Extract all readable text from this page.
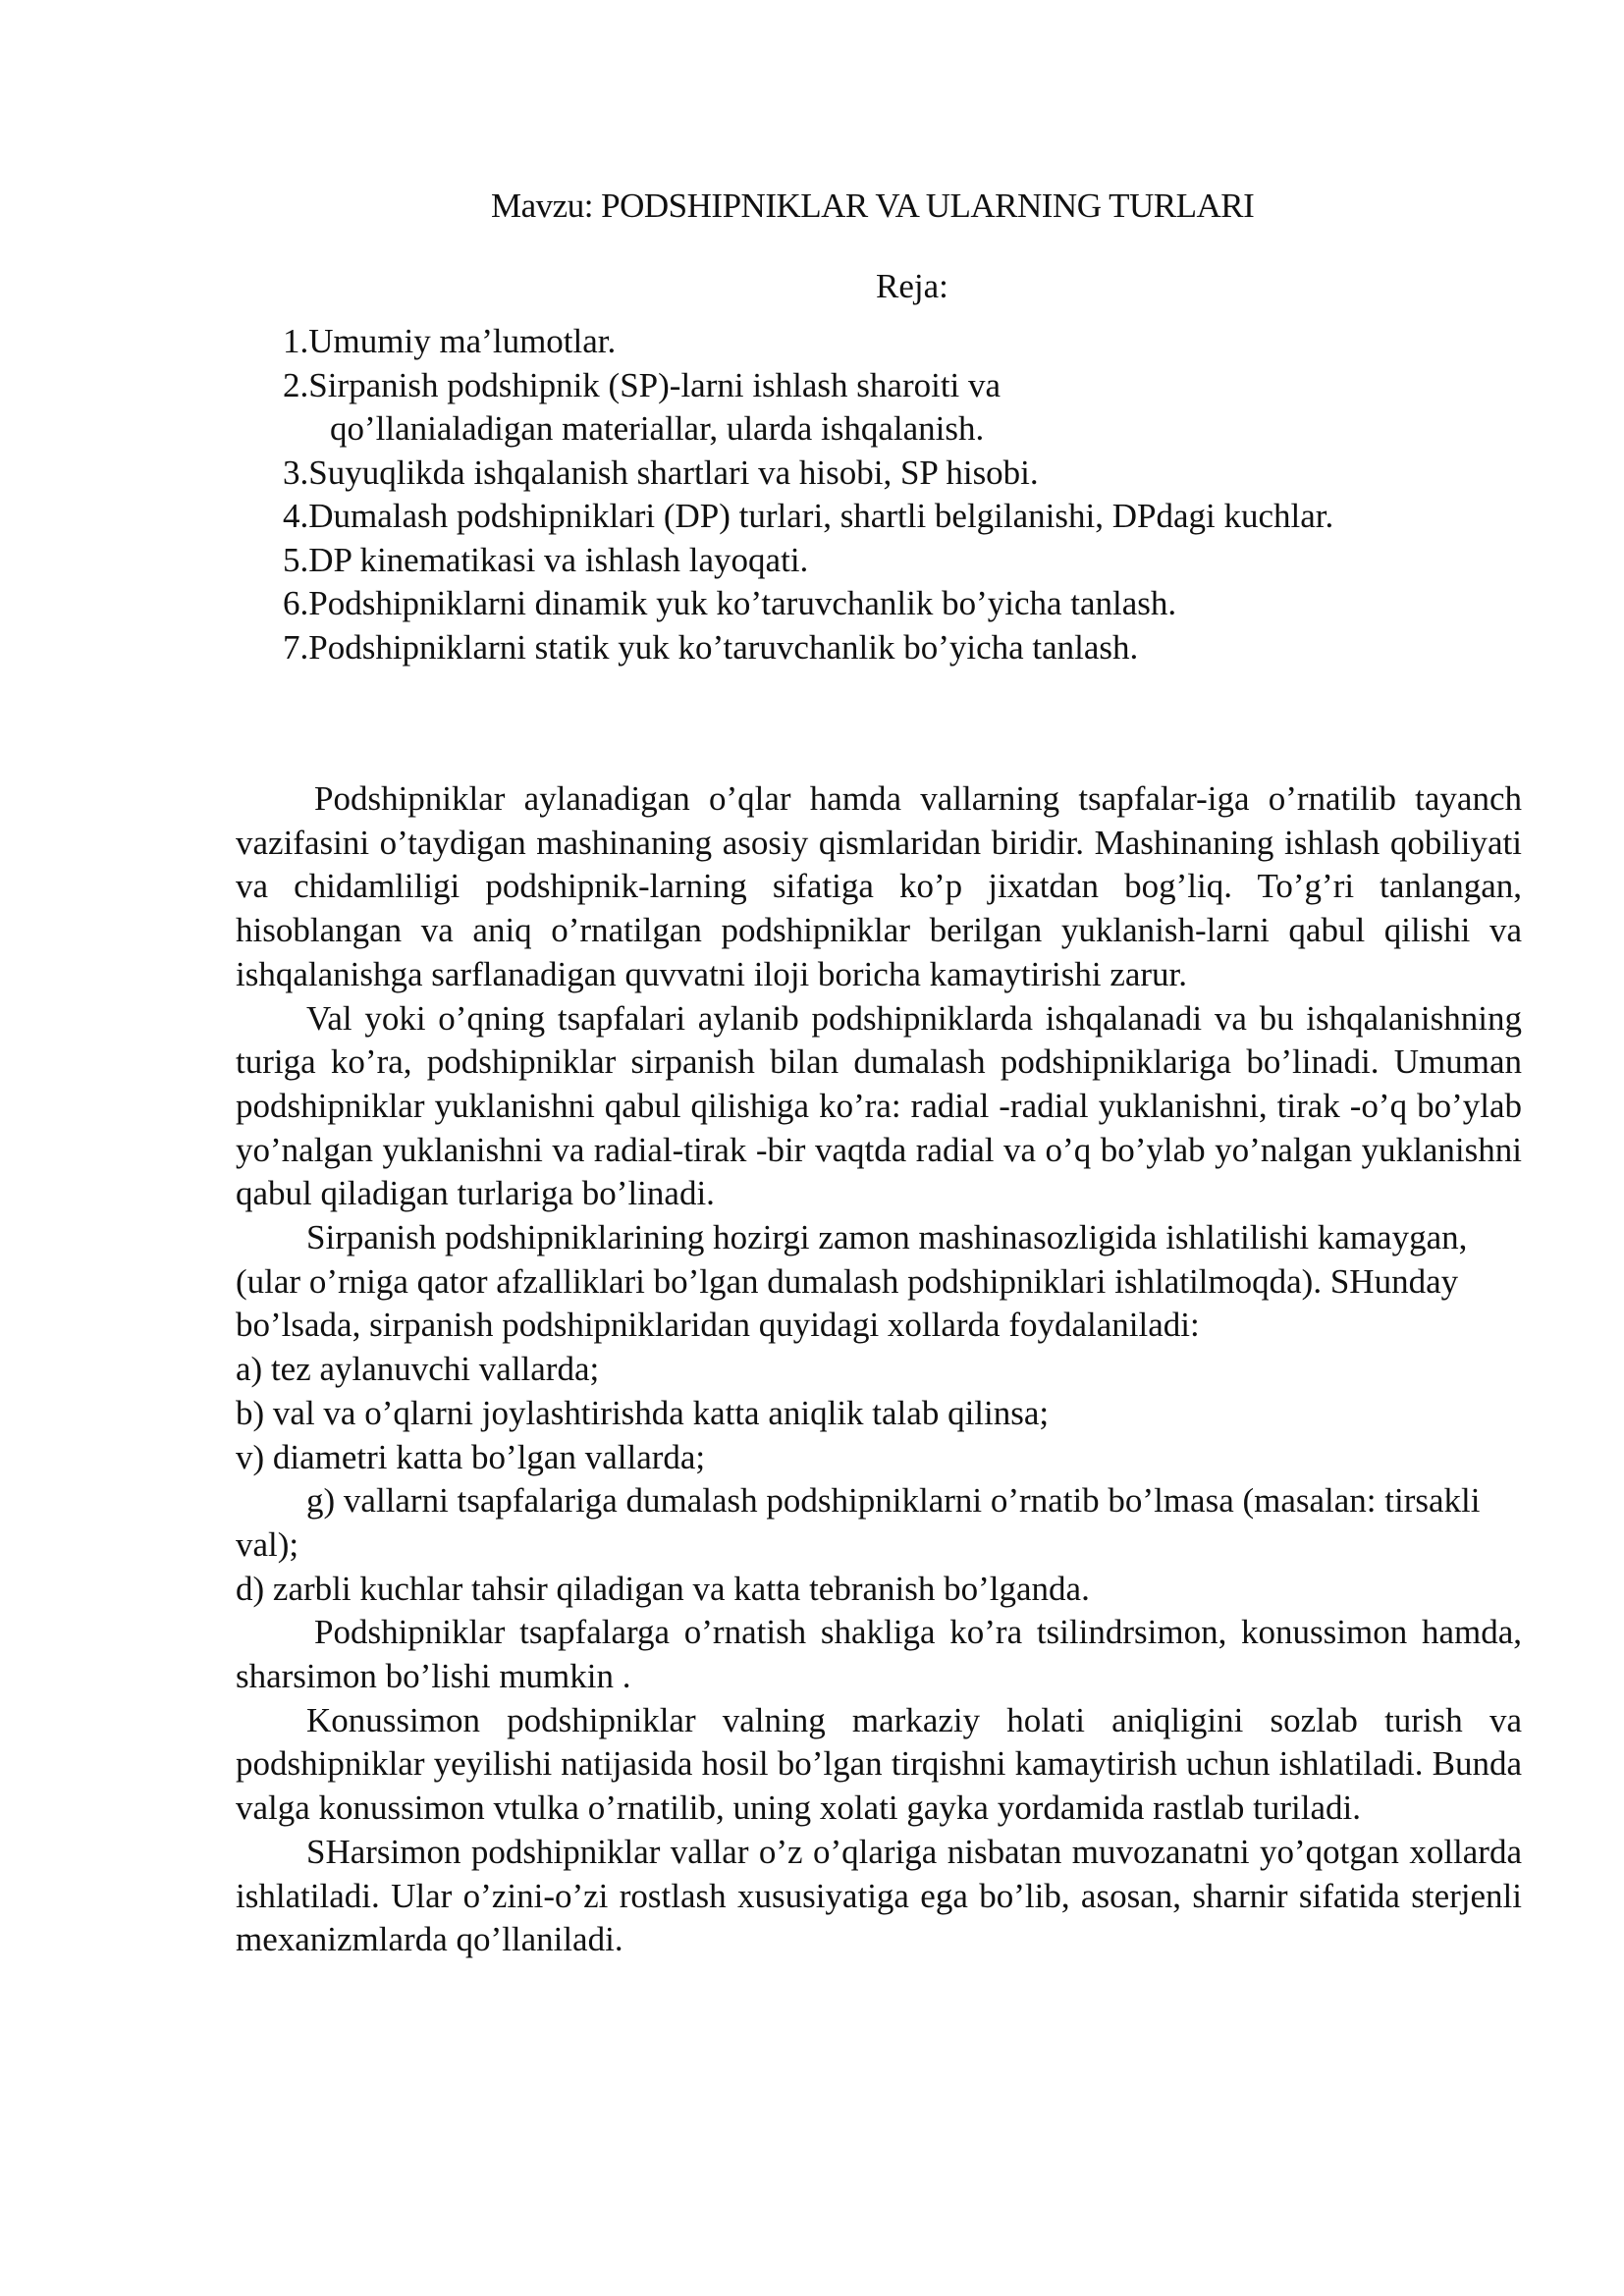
Mavzu: PODSHIPNIKLAR VA ULARNING TURLARI
Reja:
1.Umumiy ma’lumotlar.
2.Sirpanish podshipnik (SP)-larni ishlash sharoiti va
qo’llanialadigan materiallar, ularda ishqalanish.
3.Suyuqlikda ishqalanish shartlari va hisobi, SP hisobi.
4.Dumalash podshipniklari (DP) turlari, shartli belgilanishi, DPdagi kuchlar.
5.DP kinematikasi va ishlash layoqati.
6.Podshipniklarni dinamik yuk ko’taruvchanlik bo’yicha tanlash.
7.Podshipniklarni statik yuk ko’taruvchanlik bo’yicha tanlash.

Podshipniklar aylanadigan o’qlar hamda vallarning tsapfalar-iga o’rnatilib tayanch vazifasini o’taydigan mashinaning asosiy qismlaridan biridir. Mashinaning ishlash qobiliyati va chidamliligi podshipnik-larning sifatiga ko’p jixatdan bog’liq. To’g’ri tanlangan, hisoblangan va aniq o’rnatilgan podshipniklar berilgan yuklanish-larni qabul qilishi va ishqalanishga sarflanadigan quvvatni iloji boricha kamaytirishi zarur.

Val yoki o’qning tsapfalari aylanib podshipniklarda ishqalanadi va bu ishqalanishning turiga ko’ra, podshipniklar sirpanish bilan dumalash podshipniklariga bo’linadi. Umuman podshipniklar yuklanishni qabul qilishiga ko’ra: radial -radial yuklanishni, tirak -o’q bo’ylab yo’nalgan yuklanishni va radial-tirak -bir vaqtda radial va o’q bo’ylab yo’nalgan yuklanishni qabul qiladigan turlariga bo’linadi.

Sirpanish podshipniklarining hozirgi zamon mashinasozligida ishlatilishi kamaygan, (ular o’rniga qator afzalliklari bo’lgan dumalash podshipniklari ishlatilmoqda). SHunday bo’lsada, sirpanish podshipniklaridan quyidagi xollarda foydalaniladi:

a) tez aylanuvchi vallarda;

b) val va o’qlarni joylashtirishda katta aniqlik talab qilinsa;

v) diametri katta bo’lgan vallarda;

g) vallarni tsapfalariga dumalash podshipniklarni o’rnatib bo’lmasa (masalan: tirsakli val);

d) zarbli kuchlar tahsir qiladigan va katta tebranish bo’lganda.

Podshipniklar tsapfalarga o’rnatish shakliga ko’ra tsilindrsimon, konussimon hamda, sharsimon bo’lishi mumkin .

Konussimon podshipniklar valning markaziy holati aniqligini sozlab turish va podshipniklar yeyilishi natijasida hosil bo’lgan tirqishni kamaytirish uchun ishlatiladi. Bunda valga konussimon vtulka o’rnatilib, uning xolati gayka yordamida rastlab turiladi.

SHarsimon podshipniklar vallar o’z o’qlariga nisbatan muvozanatni yo’qotgan xollarda ishlatiladi. Ular o’zini-o’zi rostlash xususiyatiga ega bo’lib, asosan, sharnir sifatida sterjenli mexanizmlarda qo’llaniladi.
